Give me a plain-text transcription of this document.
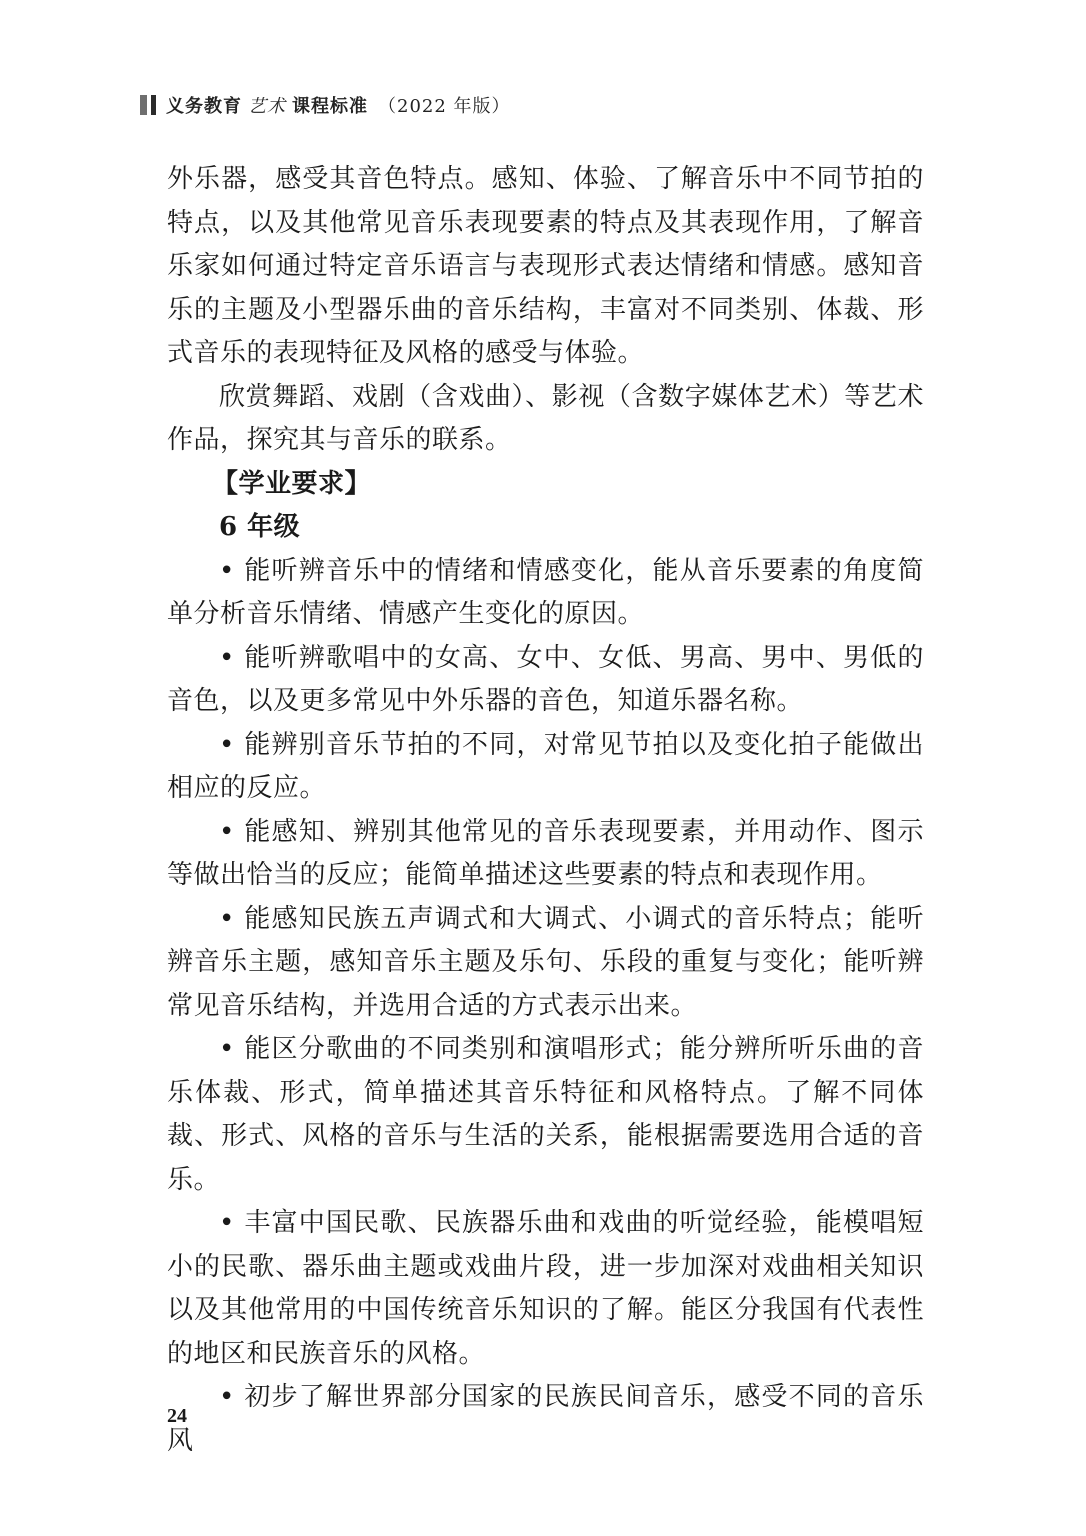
义务教育 艺术 课程标准 （2022 年版）

外乐器，感受其音色特点。感知、体验、了解音乐中不同节拍的特点，以及其他常见音乐表现要素的特点及其表现作用，了解音乐家如何通过特定音乐语言与表现形式表达情绪和情感。感知音乐的主题及小型器乐曲的音乐结构，丰富对不同类别、体裁、形式音乐的表现特征及风格的感受与体验。

欣赏舞蹈、戏剧（含戏曲）、影视（含数字媒体艺术）等艺术作品，探究其与音乐的联系。

【学业要求】

6 年级

• 能听辨音乐中的情绪和情感变化，能从音乐要素的角度简单分析音乐情绪、情感产生变化的原因。

• 能听辨歌唱中的女高、女中、女低、男高、男中、男低的音色，以及更多常见中外乐器的音色，知道乐器名称。

• 能辨别音乐节拍的不同，对常见节拍以及变化拍子能做出相应的反应。

• 能感知、辨别其他常见的音乐表现要素，并用动作、图示等做出恰当的反应；能简单描述这些要素的特点和表现作用。

• 能感知民族五声调式和大调式、小调式的音乐特点；能听辨音乐主题，感知音乐主题及乐句、乐段的重复与变化；能听辨常见音乐结构，并选用合适的方式表示出来。

• 能区分歌曲的不同类别和演唱形式；能分辨所听乐曲的音乐体裁、形式，简单描述其音乐特征和风格特点。了解不同体裁、形式、风格的音乐与生活的关系，能根据需要选用合适的音乐。

• 丰富中国民歌、民族器乐曲和戏曲的听觉经验，能模唱短小的民歌、器乐曲主题或戏曲片段，进一步加深对戏曲相关知识以及其他常用的中国传统音乐知识的了解。能区分我国有代表性的地区和民族音乐的风格。

• 初步了解世界部分国家的民族民间音乐，感受不同的音乐风

24
